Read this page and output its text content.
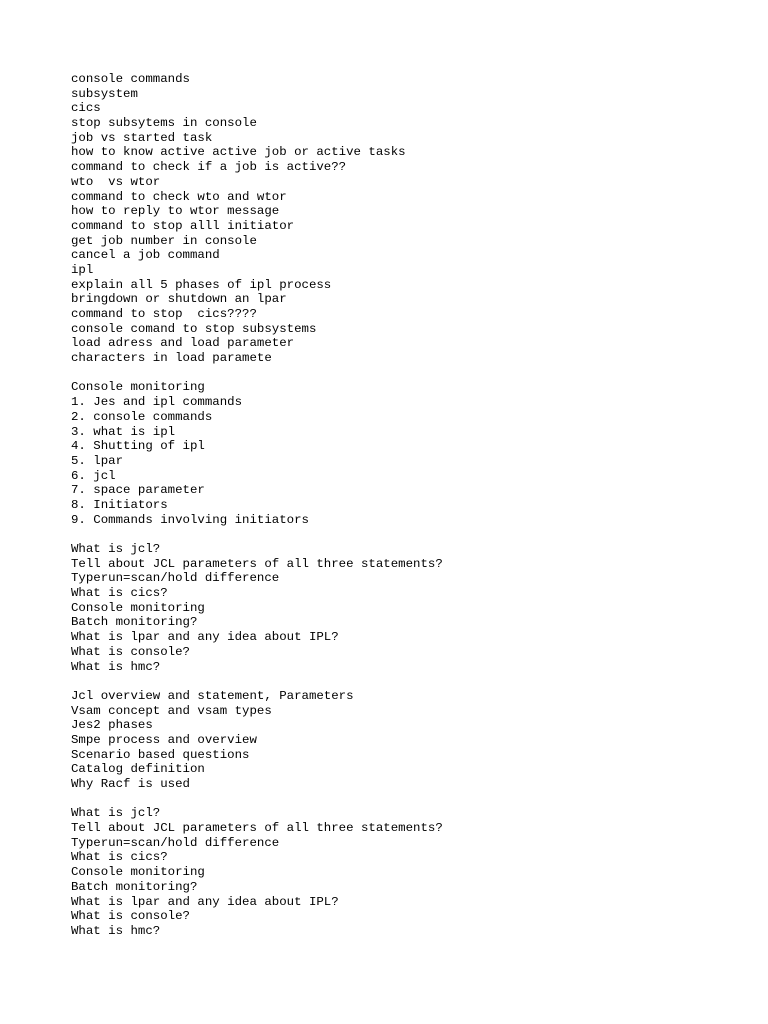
console commands
subsystem
cics
stop subsytems in console
job vs started task
how to know active active job or active tasks
command to check if a job is active??
wto  vs wtor
command to check wto and wtor
how to reply to wtor message
command to stop alll initiator
get job number in console
cancel a job command
ipl
explain all 5 phases of ipl process
bringdown or shutdown an lpar
command to stop  cics????
console comand to stop subsystems
load adress and load parameter
characters in load paramete
Console monitoring
1. Jes and ipl commands
2. console commands
3. what is ipl
4. Shutting of ipl
5. lpar
6. jcl
7. space parameter
8. Initiators
9. Commands involving initiators
What is jcl?
Tell about JCL parameters of all three statements?
Typerun=scan/hold difference
What is cics?
Console monitoring
Batch monitoring?
What is lpar and any idea about IPL?
What is console?
What is hmc?
Jcl overview and statement, Parameters
Vsam concept and vsam types
Jes2 phases
Smpe process and overview
Scenario based questions
Catalog definition
Why Racf is used
What is jcl?
Tell about JCL parameters of all three statements?
Typerun=scan/hold difference
What is cics?
Console monitoring
Batch monitoring?
What is lpar and any idea about IPL?
What is console?
What is hmc?
